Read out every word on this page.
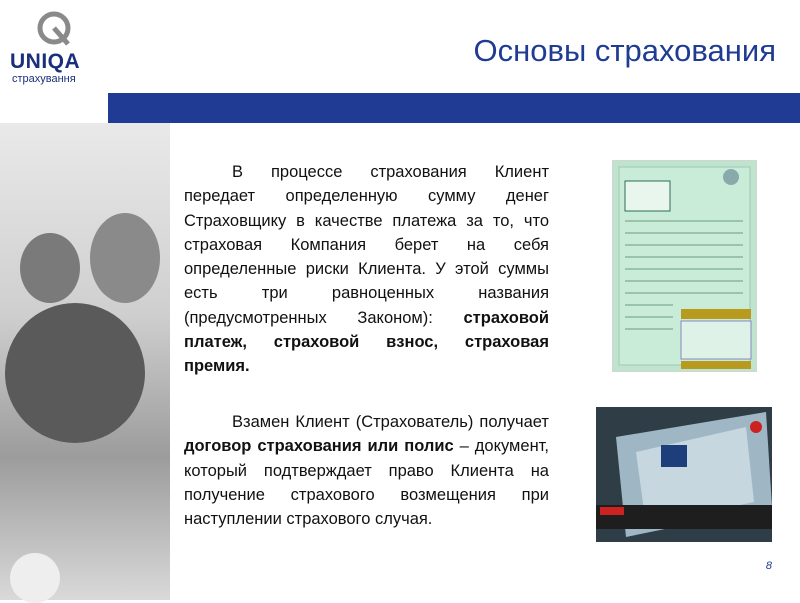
UNIQA
страхування
Основы страхования
В процессе страхования Клиент передает определенную сумму денег Страховщику в качестве платежа за то, что страховая Компания берет на себя определенные риски Клиента. У этой суммы есть три равноценных названия (предусмотренных Законом): страховой платеж, страховой взнос, страховая премия.
Взамен Клиент (Страхователь) получает договор страхования или полис – документ, который подтверждает право Клиента на получение страхового возмещения при наступлении страхового случая.
8
